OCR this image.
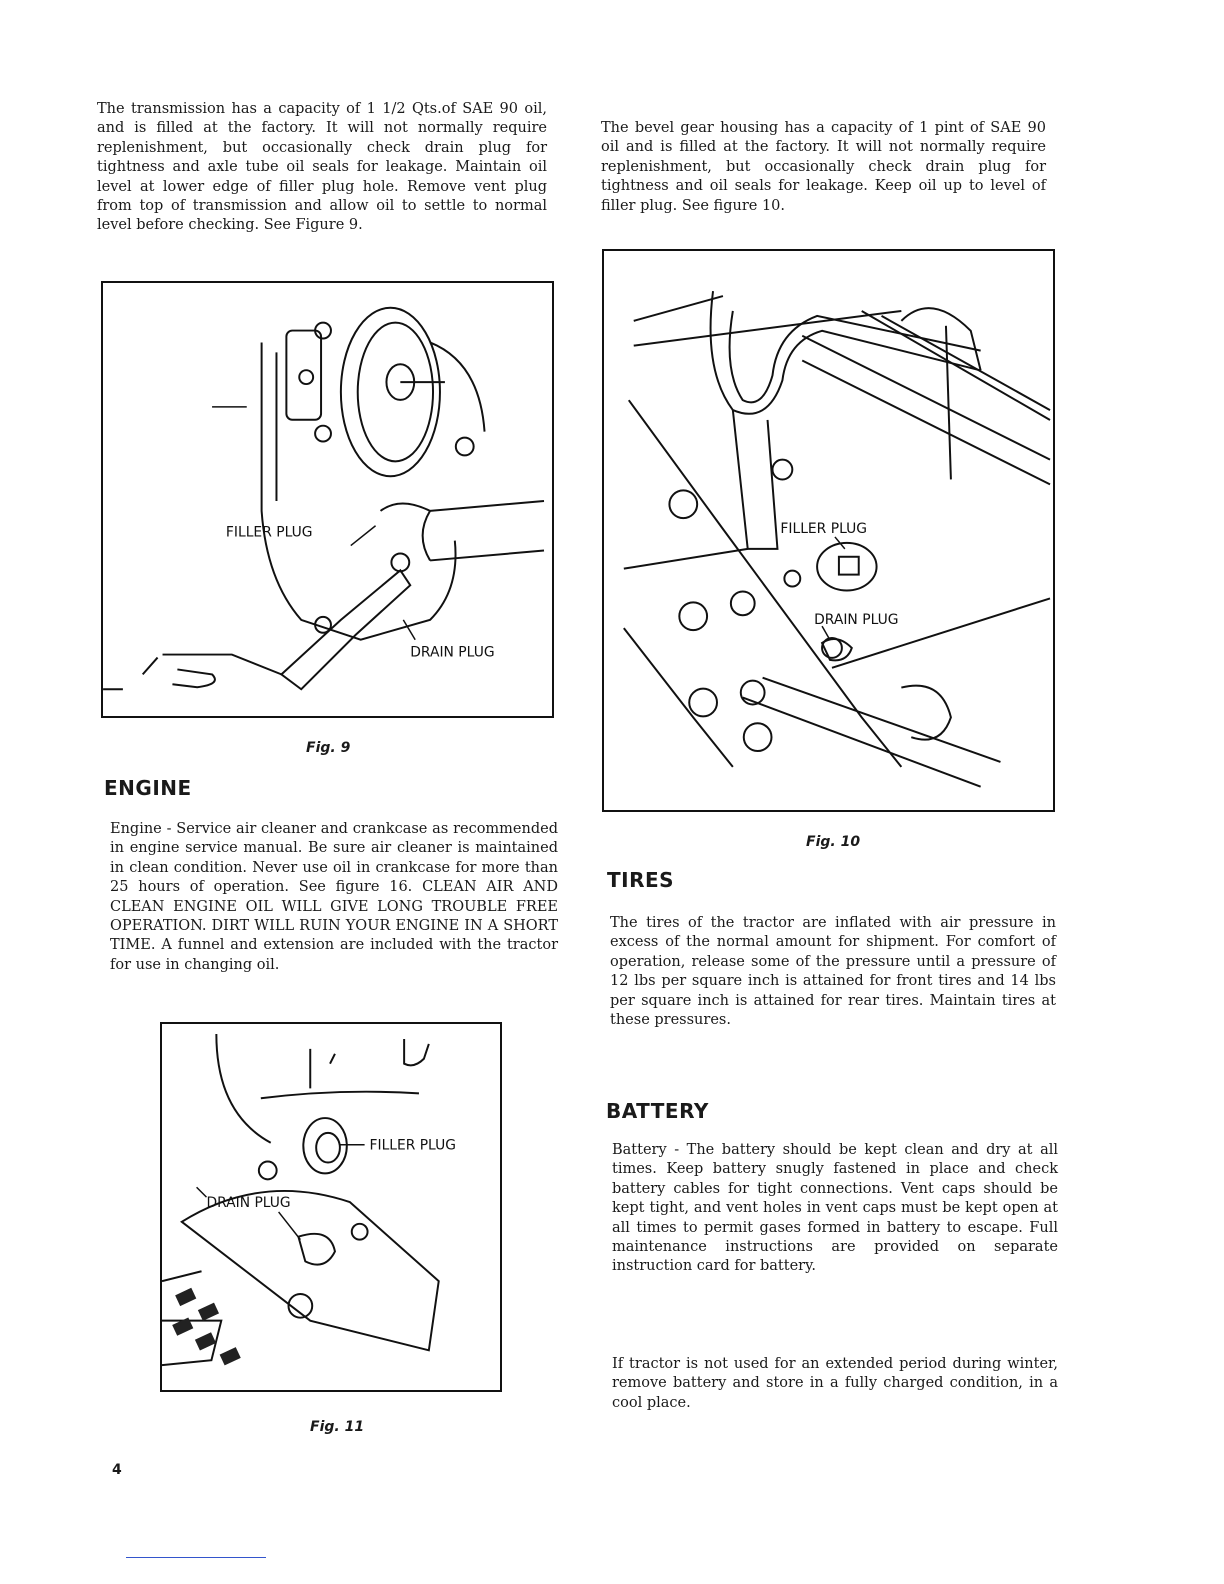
The transmission has a capacity of 1 1/2 Qts.of SAE 90 oil, and is filled at the factory. It will not normally require replenishment, but occasionally check drain plug for tightness and axle tube oil seals for leakage. Maintain oil level at lower edge of filler plug hole. Remove vent plug from top of transmission and allow oil to settle to normal level before checking. See Figure 9.

FILLER PLUG
DRAIN PLUG
Fig. 9
ENGINE

Engine - Service air cleaner and crankcase as recommended in engine service manual. Be sure air cleaner is maintained in clean condition. Never use oil in crankcase for more than 25 hours of operation. See figure 16. CLEAN AIR AND CLEAN ENGINE OIL WILL GIVE LONG TROUBLE FREE OPERATION. DIRT WILL RUIN YOUR ENGINE IN A SHORT TIME. A funnel and extension are included with the tractor for use in changing oil.

FILLER PLUG
DRAIN PLUG
Fig. 11
4

The bevel gear housing has a capacity of 1 pint of SAE 90 oil and is filled at the factory. It will not normally require replenishment, but occasionally check drain plug for tightness and oil seals for leakage. Keep oil up to level of filler plug. See figure 10.

FILLER PLUG
DRAIN PLUG
Fig. 10
TIRES

The tires of the tractor are inflated with air pressure in excess of the normal amount for shipment. For comfort of operation, release some of the pressure until a pressure of 12 lbs per square inch is attained for front tires and 14 lbs per square inch is attained for rear tires. Maintain tires at these pressures.

BATTERY

Battery - The battery should be kept clean and dry at all times. Keep battery snugly fastened in place and check battery cables for tight connections. Vent caps should be kept tight, and vent holes in vent caps must be kept open at all times to permit gases formed in battery to escape. Full maintenance instructions are provided on separate instruction card for battery.

If tractor is not used for an extended period during winter, remove battery and store in a fully charged condition, in a cool place.
